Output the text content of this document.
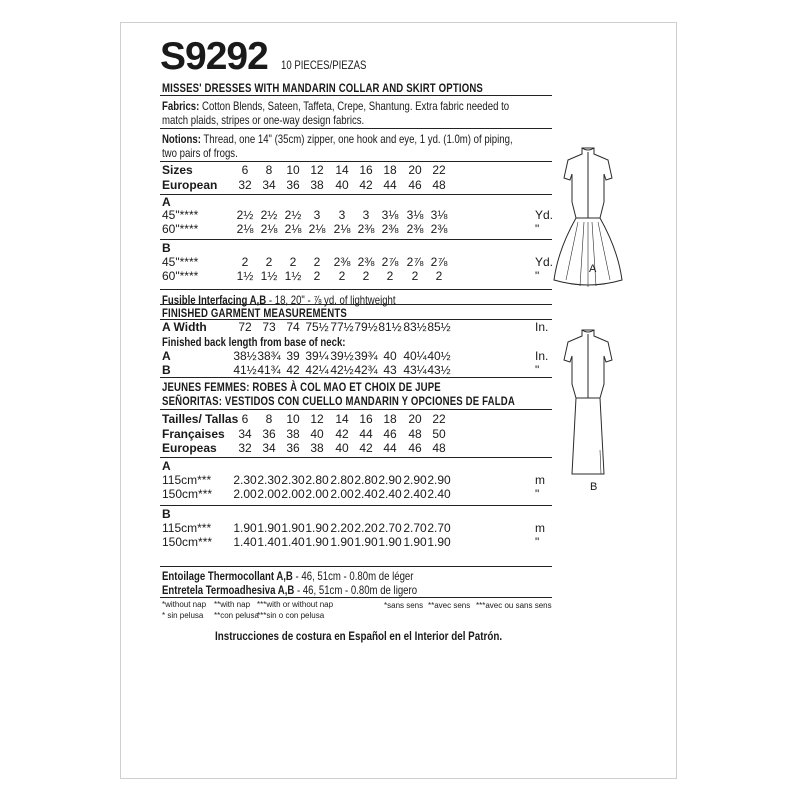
S9292 10 PIECES/PIEZAS
MISSES' DRESSES WITH MANDARIN COLLAR AND SKIRT OPTIONS
Fabrics: Cotton Blends, Sateen, Taffeta, Crepe, Shantung. Extra fabric needed to
match plaids, stripes or one-way design fabrics.
Notions: Thread, one 14" (35cm) zipper, one hook and eye, 1 yd. (1.0m) of piping,
two pairs of frogs.
Sizes	6	8	10 12 14 16 18 20 22
European	32 34 36 38 40 42 44 46 48
A
45"****	2½ 2½ 2½	3	3	3	3⅛ 3⅛ 3⅛	Yd.
60"****	2⅛ 2⅛ 2⅛ 2⅛ 2⅛ 2⅜ 2⅜ 2⅜ 2⅜	"
B
45"****	2	2	2	2	2⅜ 2⅜ 2⅞ 2⅞ 2⅞	Yd.
60"****	1½ 1½ 1½	2	2	2	2	2	2	"
Fusible Interfacing A,B - 18, 20" - ⅞ yd. of lightweight
FINISHED GARMENT MEASUREMENTS
A Width	72 73 74 75½ 77½ 79½ 81½ 83½ 85½	In.
A	38½ 38¾ 39 39¼ 39½ 39¾ 40 40¼ 40½	In.
B	41½ 41¾ 42 42¼ 42½ 42¾ 43 43¼ 43½	"
Finished back length from base of neck:
JEUNES FEMMES: ROBES À COL MAO ET CHOIX DE JUPE
SEÑORITAS: VESTIDOS CON CUELLO MANDARIN Y OPCIONES DE FALDA
Tailles/ Tallas 6	8	10 12 14 16 18 20 22
Françaises	34 36 38 40 42 44 46 48 50
Europeas	32 34 36 38 40 42 44 46 48
A
115cm*** 2.30 2.30 2.30 2.80 2.80 2.80 2.90 2.90 2.90	m
150cm*** 2.00 2.00 2.00 2.00 2.00 2.40 2.40 2.40 2.40	"
B
115cm*** 1.90 1.90 1.90 1.90 2.20 2.20 2.70 2.70 2.70	m
150cm*** 1.40 1.40 1.40 1.90 1.90 1.90 1.90 1.90 1.90	"
Entoilage Thermocollant A,B - 46, 51cm - 0.80m de léger
Entretela Termoadhesiva A,B - 46, 51cm - 0.80m de ligero
*without nap **with nap ***with or without nap
* sin pelusa **con pelusa
***sin o con pelusa
*sans sens **avec sens ***avec ou sans sens
Instrucciones de costura en Español en el Interior del Patrón.
A
B
